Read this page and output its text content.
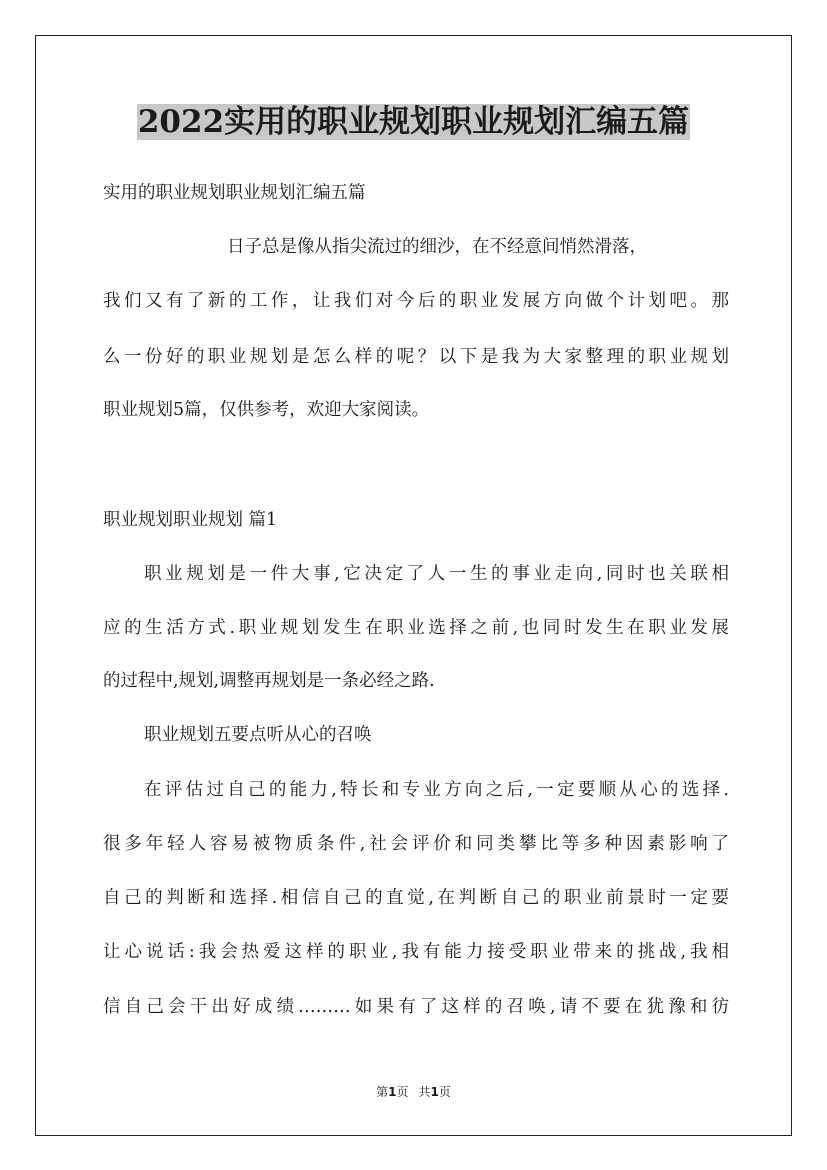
2022实用的职业规划职业规划汇编五篇
实用的职业规划职业规划汇编五篇
日子总是像从指尖流过的细沙，在不经意间悄然滑落，
我们又有了新的工作，让我们对今后的职业发展方向做个计划吧。那
么一份好的职业规划是怎么样的呢？以下是我为大家整理的职业规划
职业规划5篇，仅供参考，欢迎大家阅读。
职业规划职业规划 篇1
职业规划是一件大事,它决定了人一生的事业走向,同时也关联相
应的生活方式.职业规划发生在职业选择之前,也同时发生在职业发展
的过程中,规划,调整再规划是一条必经之路.
职业规划五要点听从心的召唤
在评估过自己的能力,特长和专业方向之后,一定要顺从心的选择.
很多年轻人容易被物质条件,社会评价和同类攀比等多种因素影响了
自己的判断和选择.相信自己的直觉,在判断自己的职业前景时一定要
让心说话:我会热爱这样的职业,我有能力接受职业带来的挑战,我相
信自己会干出好成绩………如果有了这样的召唤,请不要在犹豫和彷
第1页 共1页
